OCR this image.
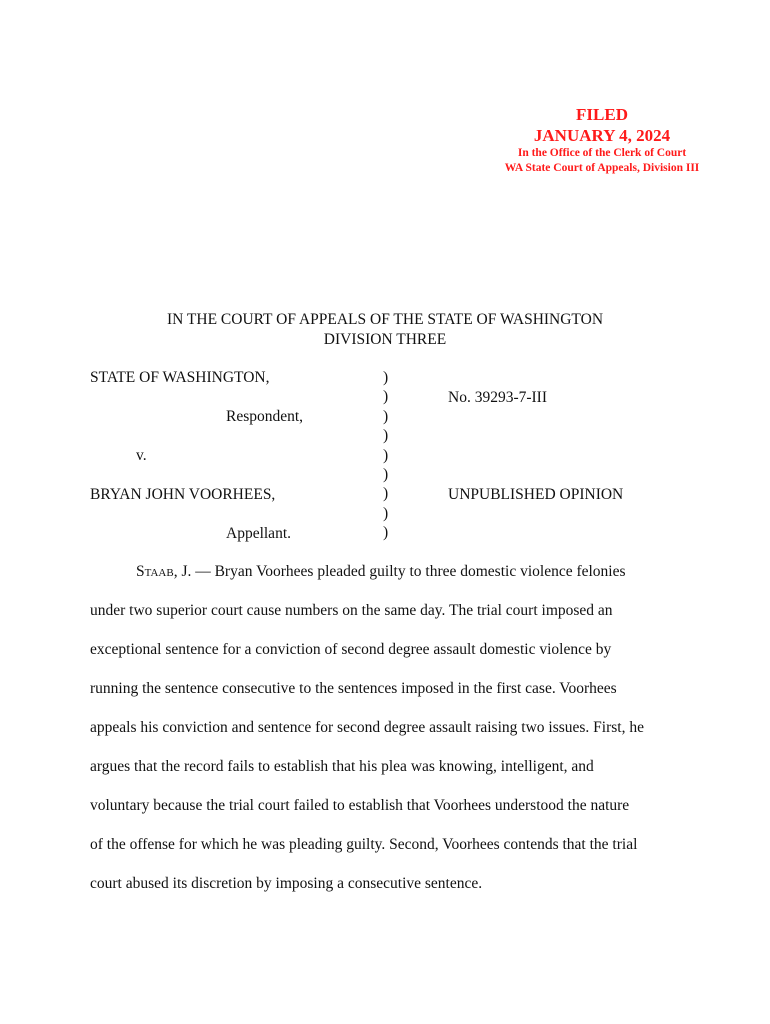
FILED
JANUARY 4, 2024
In the Office of the Clerk of Court
WA State Court of Appeals, Division III
IN THE COURT OF APPEALS OF THE STATE OF WASHINGTON
DIVISION THREE
STATE OF WASHINGTON,
Respondent,
v.
BRYAN JOHN VOORHEES,
Appellant.
)
)
)
)
)
)
)
)
)
No. 39293-7-III
UNPUBLISHED OPINION
Staab, J. — Bryan Voorhees pleaded guilty to three domestic violence felonies
under two superior court cause numbers on the same day. The trial court imposed an
exceptional sentence for a conviction of second degree assault domestic violence by
running the sentence consecutive to the sentences imposed in the first case. Voorhees
appeals his conviction and sentence for second degree assault raising two issues. First, he
argues that the record fails to establish that his plea was knowing, intelligent, and
voluntary because the trial court failed to establish that Voorhees understood the nature
of the offense for which he was pleading guilty. Second, Voorhees contends that the trial
court abused its discretion by imposing a consecutive sentence.
